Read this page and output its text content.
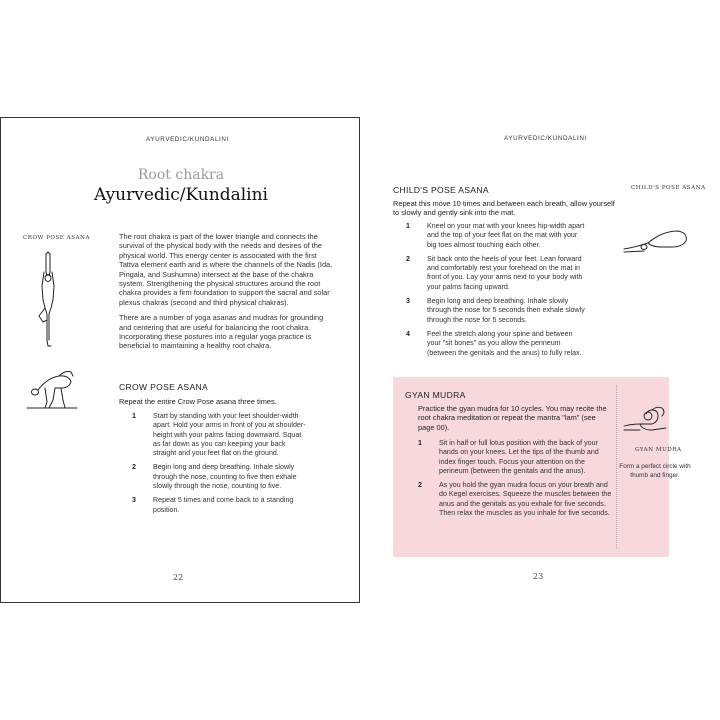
AYURVEDIC/KUNDALINI
Root chakra
Ayurvedic/Kundalini
CROW POSE ASANA	The root chakra is part of the lower triangle and connects the survival of the physical body with the needs and desires of the physical world. This energy center is associated with the first Tattva element earth and is where the channels of the Nadis (Ida, Pingala, and Sushumna) intersect at the base of the chakra system. Strengthening the physical structures around the root chakra provides a firm foundation to support the sacral and solar plexus chakras (second and third physical chakras).

There are a number of yoga asanas and mudras for grounding and centering that are useful for balancing the root chakra. Incorporating these postures into a regular yoga practice is beneficial to maintaining a healthy root chakra.

CROW POSE ASANA
Repeat the entire Crow Pose asana three times.
1 Start by standing with your feet shoulder-width apart. Hold your arms in front of you at shoulder-height with your palms facing downward. Squat as far down as you can keeping your back straight and your feet flat on the ground.
2 Begin long and deep breathing. Inhale slowly through the nose, counting to five then exhale slowly through the nose, counting to five.
3 Repeat 5 times and come back to a standing position.
22
AYURVEDIC/KUNDALINI
CHILD'S POSE ASANA	CHILD'S POSE ASANA
Repeat this move 10 times and between each breath, allow yourself to slowly and gently sink into the mat.
1 Kneel on your mat with your knees hip-width apart and the top of your feet flat on the mat with your big toes almost touching each other.
2 Sit back onto the heels of your feet. Lean forward and comfortably rest your forehead on the mat in front of you. Lay your arms next to your body with your palms facing upward.
3 Begin long and deep breathing. Inhale slowly through the nose for 5 seconds then exhale slowly through the nose for 5 seconds.
4 Feel the stretch along your spine and between your "sit bones" as you allow the perineum (between the genitals and the anus) to fully relax.
GYAN MUDRA
Practice the gyan mudra for 10 cycles. You may recite the root chakra meditation or repeat the mantra "lam" (see page 00).
1 Sit in half or full lotus position with the back of your hands on your knees. Let the tips of the thumb and index finger touch. Focus your attention on the perineum (between the genitals and the anus).
2 As you hold the gyan mudra focus on your breath and do Kegel exercises. Squeeze the muscles between the anus and the genitals as you exhale for five seconds. Then relax the muscles as you inhale for five seconds.
GYAN MUDRA
Form a perfect circle with thumb and finger.
23
